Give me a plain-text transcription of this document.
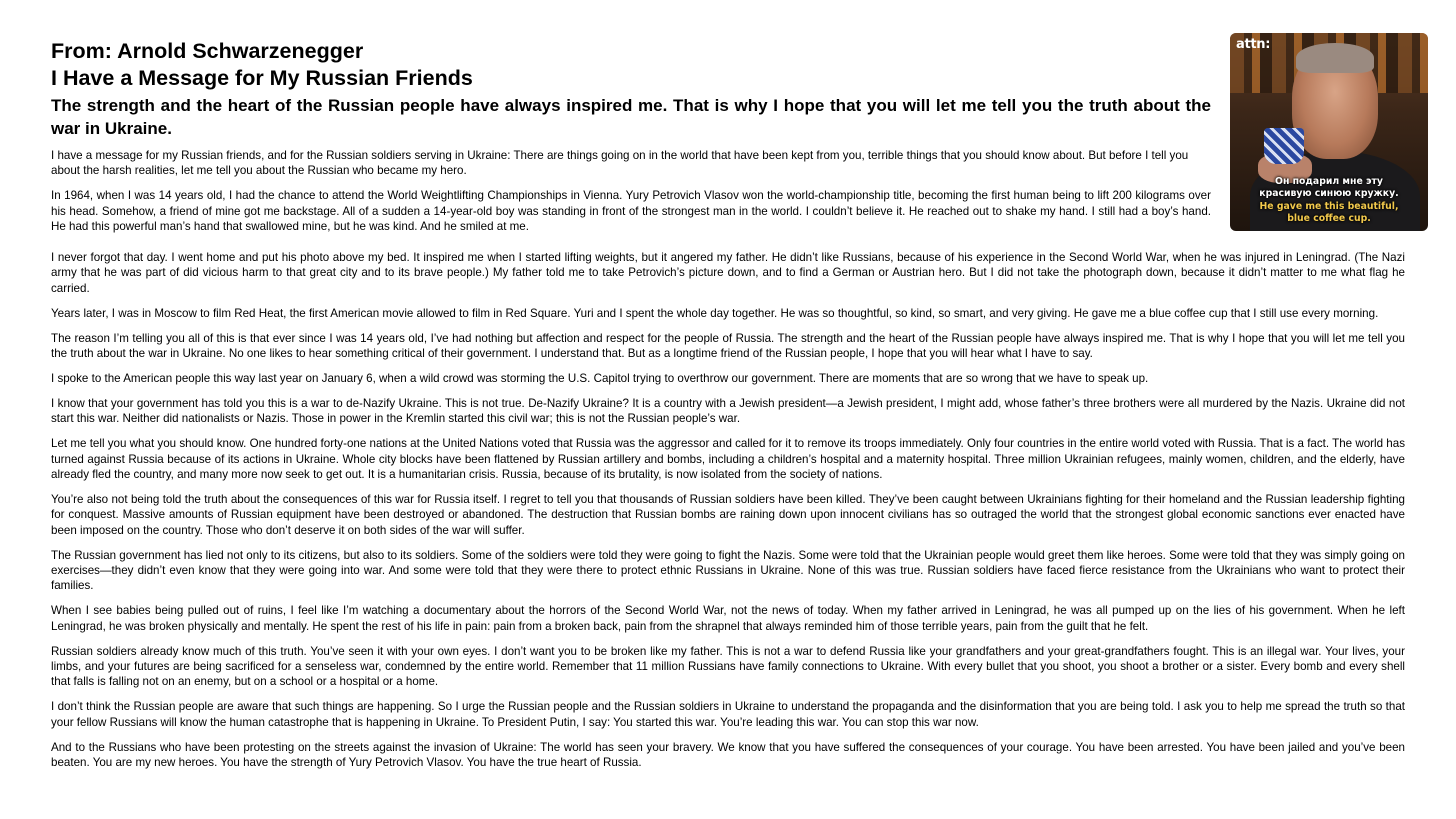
From: Arnold Schwarzenegger
I Have a Message for My Russian Friends
The strength and the heart of the Russian people have always inspired me. That is why I hope that you will let me tell you the truth about the war in Ukraine.

I have a message for my Russian friends, and for the Russian soldiers serving in Ukraine: There are things going on in the world that have been kept from you, terrible things that you should know about. But before I tell you about the harsh realities, let me tell you about the Russian who became my hero.

In 1964, when I was 14 years old, I had the chance to attend the World Weightlifting Championships in Vienna. Yury Petrovich Vlasov won the world-championship title, becoming the first human being to lift 200 kilograms over his head. Somehow, a friend of mine got me backstage. All of a sudden a 14-year-old boy was standing in front of the strongest man in the world. I couldn’t believe it. He reached out to shake my hand. I still had a boy’s hand. He had this powerful man’s hand that swallowed mine, but he was kind. And he smiled at me.

I never forgot that day. I went home and put his photo above my bed. It inspired me when I started lifting weights, but it angered my father. He didn’t like Russians, because of his experience in the Second World War, when he was injured in Leningrad. (The Nazi army that he was part of did vicious harm to that great city and to its brave people.) My father told me to take Petrovich’s picture down, and to find a German or Austrian hero. But I did not take the photograph down, because it didn’t matter to me what flag he carried.

Years later, I was in Moscow to film Red Heat, the first American movie allowed to film in Red Square. Yuri and I spent the whole day together. He was so thoughtful, so kind, so smart, and very giving. He gave me a blue coffee cup that I still use every morning.

The reason I’m telling you all of this is that ever since I was 14 years old, I’ve had nothing but affection and respect for the people of Russia. The strength and the heart of the Russian people have always inspired me. That is why I hope that you will let me tell you the truth about the war in Ukraine. No one likes to hear something critical of their government. I understand that. But as a longtime friend of the Russian people, I hope that you will hear what I have to say.

I spoke to the American people this way last year on January 6, when a wild crowd was storming the U.S. Capitol trying to overthrow our government. There are moments that are so wrong that we have to speak up.

I know that your government has told you this is a war to de-Nazify Ukraine. This is not true. De-Nazify Ukraine? It is a country with a Jewish president—a Jewish president, I might add, whose father’s three brothers were all murdered by the Nazis. Ukraine did not start this war. Neither did nationalists or Nazis. Those in power in the Kremlin started this civil war; this is not the Russian people’s war.

Let me tell you what you should know. One hundred forty-one nations at the United Nations voted that Russia was the aggressor and called for it to remove its troops immediately. Only four countries in the entire world voted with Russia. That is a fact. The world has turned against Russia because of its actions in Ukraine. Whole city blocks have been flattened by Russian artillery and bombs, including a children’s hospital and a maternity hospital. Three million Ukrainian refugees, mainly women, children, and the elderly, have already fled the country, and many more now seek to get out. It is a humanitarian crisis. Russia, because of its brutality, is now isolated from the society of nations.

You’re also not being told the truth about the consequences of this war for Russia itself. I regret to tell you that thousands of Russian soldiers have been killed. They’ve been caught between Ukrainians fighting for their homeland and the Russian leadership fighting for conquest. Massive amounts of Russian equipment have been destroyed or abandoned. The destruction that Russian bombs are raining down upon innocent civilians has so outraged the world that the strongest global economic sanctions ever enacted have been imposed on the country. Those who don’t deserve it on both sides of the war will suffer.

The Russian government has lied not only to its citizens, but also to its soldiers. Some of the soldiers were told they were going to fight the Nazis. Some were told that the Ukrainian people would greet them like heroes. Some were told that they was simply going on exercises—they didn’t even know that they were going into war. And some were told that they were there to protect ethnic Russians in Ukraine. None of this was true. Russian soldiers have faced fierce resistance from the Ukrainians who want to protect their families.

When I see babies being pulled out of ruins, I feel like I’m watching a documentary about the horrors of the Second World War, not the news of today. When my father arrived in Leningrad, he was all pumped up on the lies of his government. When he left Leningrad, he was broken physically and mentally. He spent the rest of his life in pain: pain from a broken back, pain from the shrapnel that always reminded him of those terrible years, pain from the guilt that he felt.

Russian soldiers already know much of this truth. You’ve seen it with your own eyes. I don’t want you to be broken like my father. This is not a war to defend Russia like your grandfathers and your great-grandfathers fought. This is an illegal war. Your lives, your limbs, and your futures are being sacrificed for a senseless war, condemned by the entire world. Remember that 11 million Russians have family connections to Ukraine. With every bullet that you shoot, you shoot a brother or a sister. Every bomb and every shell that falls is falling not on an enemy, but on a school or a hospital or a home.

I don’t think the Russian people are aware that such things are happening. So I urge the Russian people and the Russian soldiers in Ukraine to understand the propaganda and the disinformation that you are being told. I ask you to help me spread the truth so that your fellow Russians will know the human catastrophe that is happening in Ukraine. To President Putin, I say: You started this war. You’re leading this war. You can stop this war now.

And to the Russians who have been protesting on the streets against the invasion of Ukraine: The world has seen your bravery. We know that you have suffered the consequences of your courage. You have been arrested. You have been jailed and you’ve been beaten. You are my new heroes. You have the strength of Yury Petrovich Vlasov. You have the true heart of Russia.

attn:
Он подарил мне эту
красивую синюю кружку.
He gave me this beautiful,
blue coffee cup.
